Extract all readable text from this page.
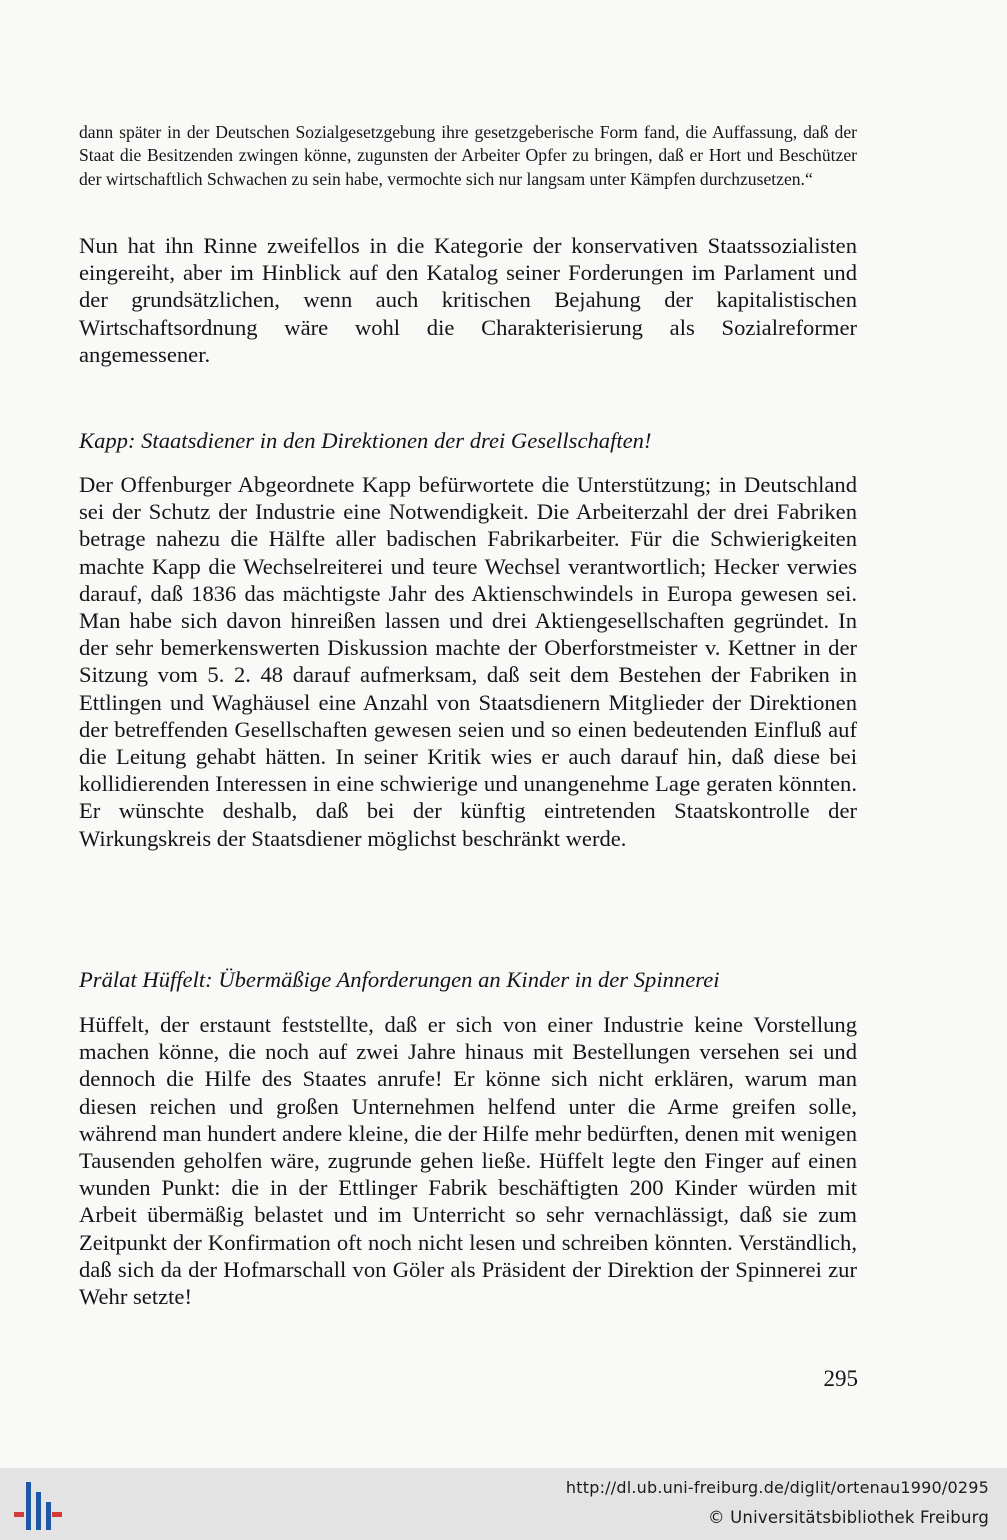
dann später in der Deutschen Sozialgesetzgebung ihre gesetzgeberische Form fand, die Auffassung, daß der Staat die Besitzenden zwingen könne, zugunsten der Arbeiter Opfer zu bringen, daß er Hort und Beschützer der wirtschaftlich Schwachen zu sein habe, vermochte sich nur langsam unter Kämpfen durchzusetzen.“
Nun hat ihn Rinne zweifellos in die Kategorie der konservativen Staatssozialisten eingereiht, aber im Hinblick auf den Katalog seiner Forderungen im Parlament und der grundsätzlichen, wenn auch kritischen Bejahung der kapitalistischen Wirtschaftsordnung wäre wohl die Charakterisierung als Sozialreformer angemessener.
Kapp: Staatsdiener in den Direktionen der drei Gesellschaften!
Der Offenburger Abgeordnete Kapp befürwortete die Unterstützung; in Deutschland sei der Schutz der Industrie eine Notwendigkeit. Die Arbeiterzahl der drei Fabriken betrage nahezu die Hälfte aller badischen Fabrikarbeiter. Für die Schwierigkeiten machte Kapp die Wechselreiterei und teure Wechsel verantwortlich; Hecker verwies darauf, daß 1836 das mächtigste Jahr des Aktienschwindels in Europa gewesen sei. Man habe sich davon hinreißen lassen und drei Aktiengesellschaften gegründet. In der sehr bemerkenswerten Diskussion machte der Oberforstmeister v. Kettner in der Sitzung vom 5. 2. 48 darauf aufmerksam, daß seit dem Bestehen der Fabriken in Ettlingen und Waghäusel eine Anzahl von Staatsdienern Mitglieder der Direktionen der betreffenden Gesellschaften gewesen seien und so einen bedeutenden Einfluß auf die Leitung gehabt hätten. In seiner Kritik wies er auch darauf hin, daß diese bei kollidierenden Interessen in eine schwierige und unangenehme Lage geraten könnten. Er wünschte deshalb, daß bei der künftig eintretenden Staatskontrolle der Wirkungskreis der Staatsdiener möglichst beschränkt werde.
Prälat Hüffelt: Übermäßige Anforderungen an Kinder in der Spinnerei
Hüffelt, der erstaunt feststellte, daß er sich von einer Industrie keine Vorstellung machen könne, die noch auf zwei Jahre hinaus mit Bestellungen versehen sei und dennoch die Hilfe des Staates anrufe! Er könne sich nicht erklären, warum man diesen reichen und großen Unternehmen helfend unter die Arme greifen solle, während man hundert andere kleine, die der Hilfe mehr bedürften, denen mit wenigen Tausenden geholfen wäre, zugrunde gehen ließe. Hüffelt legte den Finger auf einen wunden Punkt: die in der Ettlinger Fabrik beschäftigten 200 Kinder würden mit Arbeit übermäßig belastet und im Unterricht so sehr vernachlässigt, daß sie zum Zeitpunkt der Konfirmation oft noch nicht lesen und schreiben könnten. Verständlich, daß sich da der Hofmarschall von Göler als Präsident der Direktion der Spinnerei zur Wehr setzte!
295
http://dl.ub.uni-freiburg.de/diglit/ortenau1990/0295
© Universitätsbibliothek Freiburg
